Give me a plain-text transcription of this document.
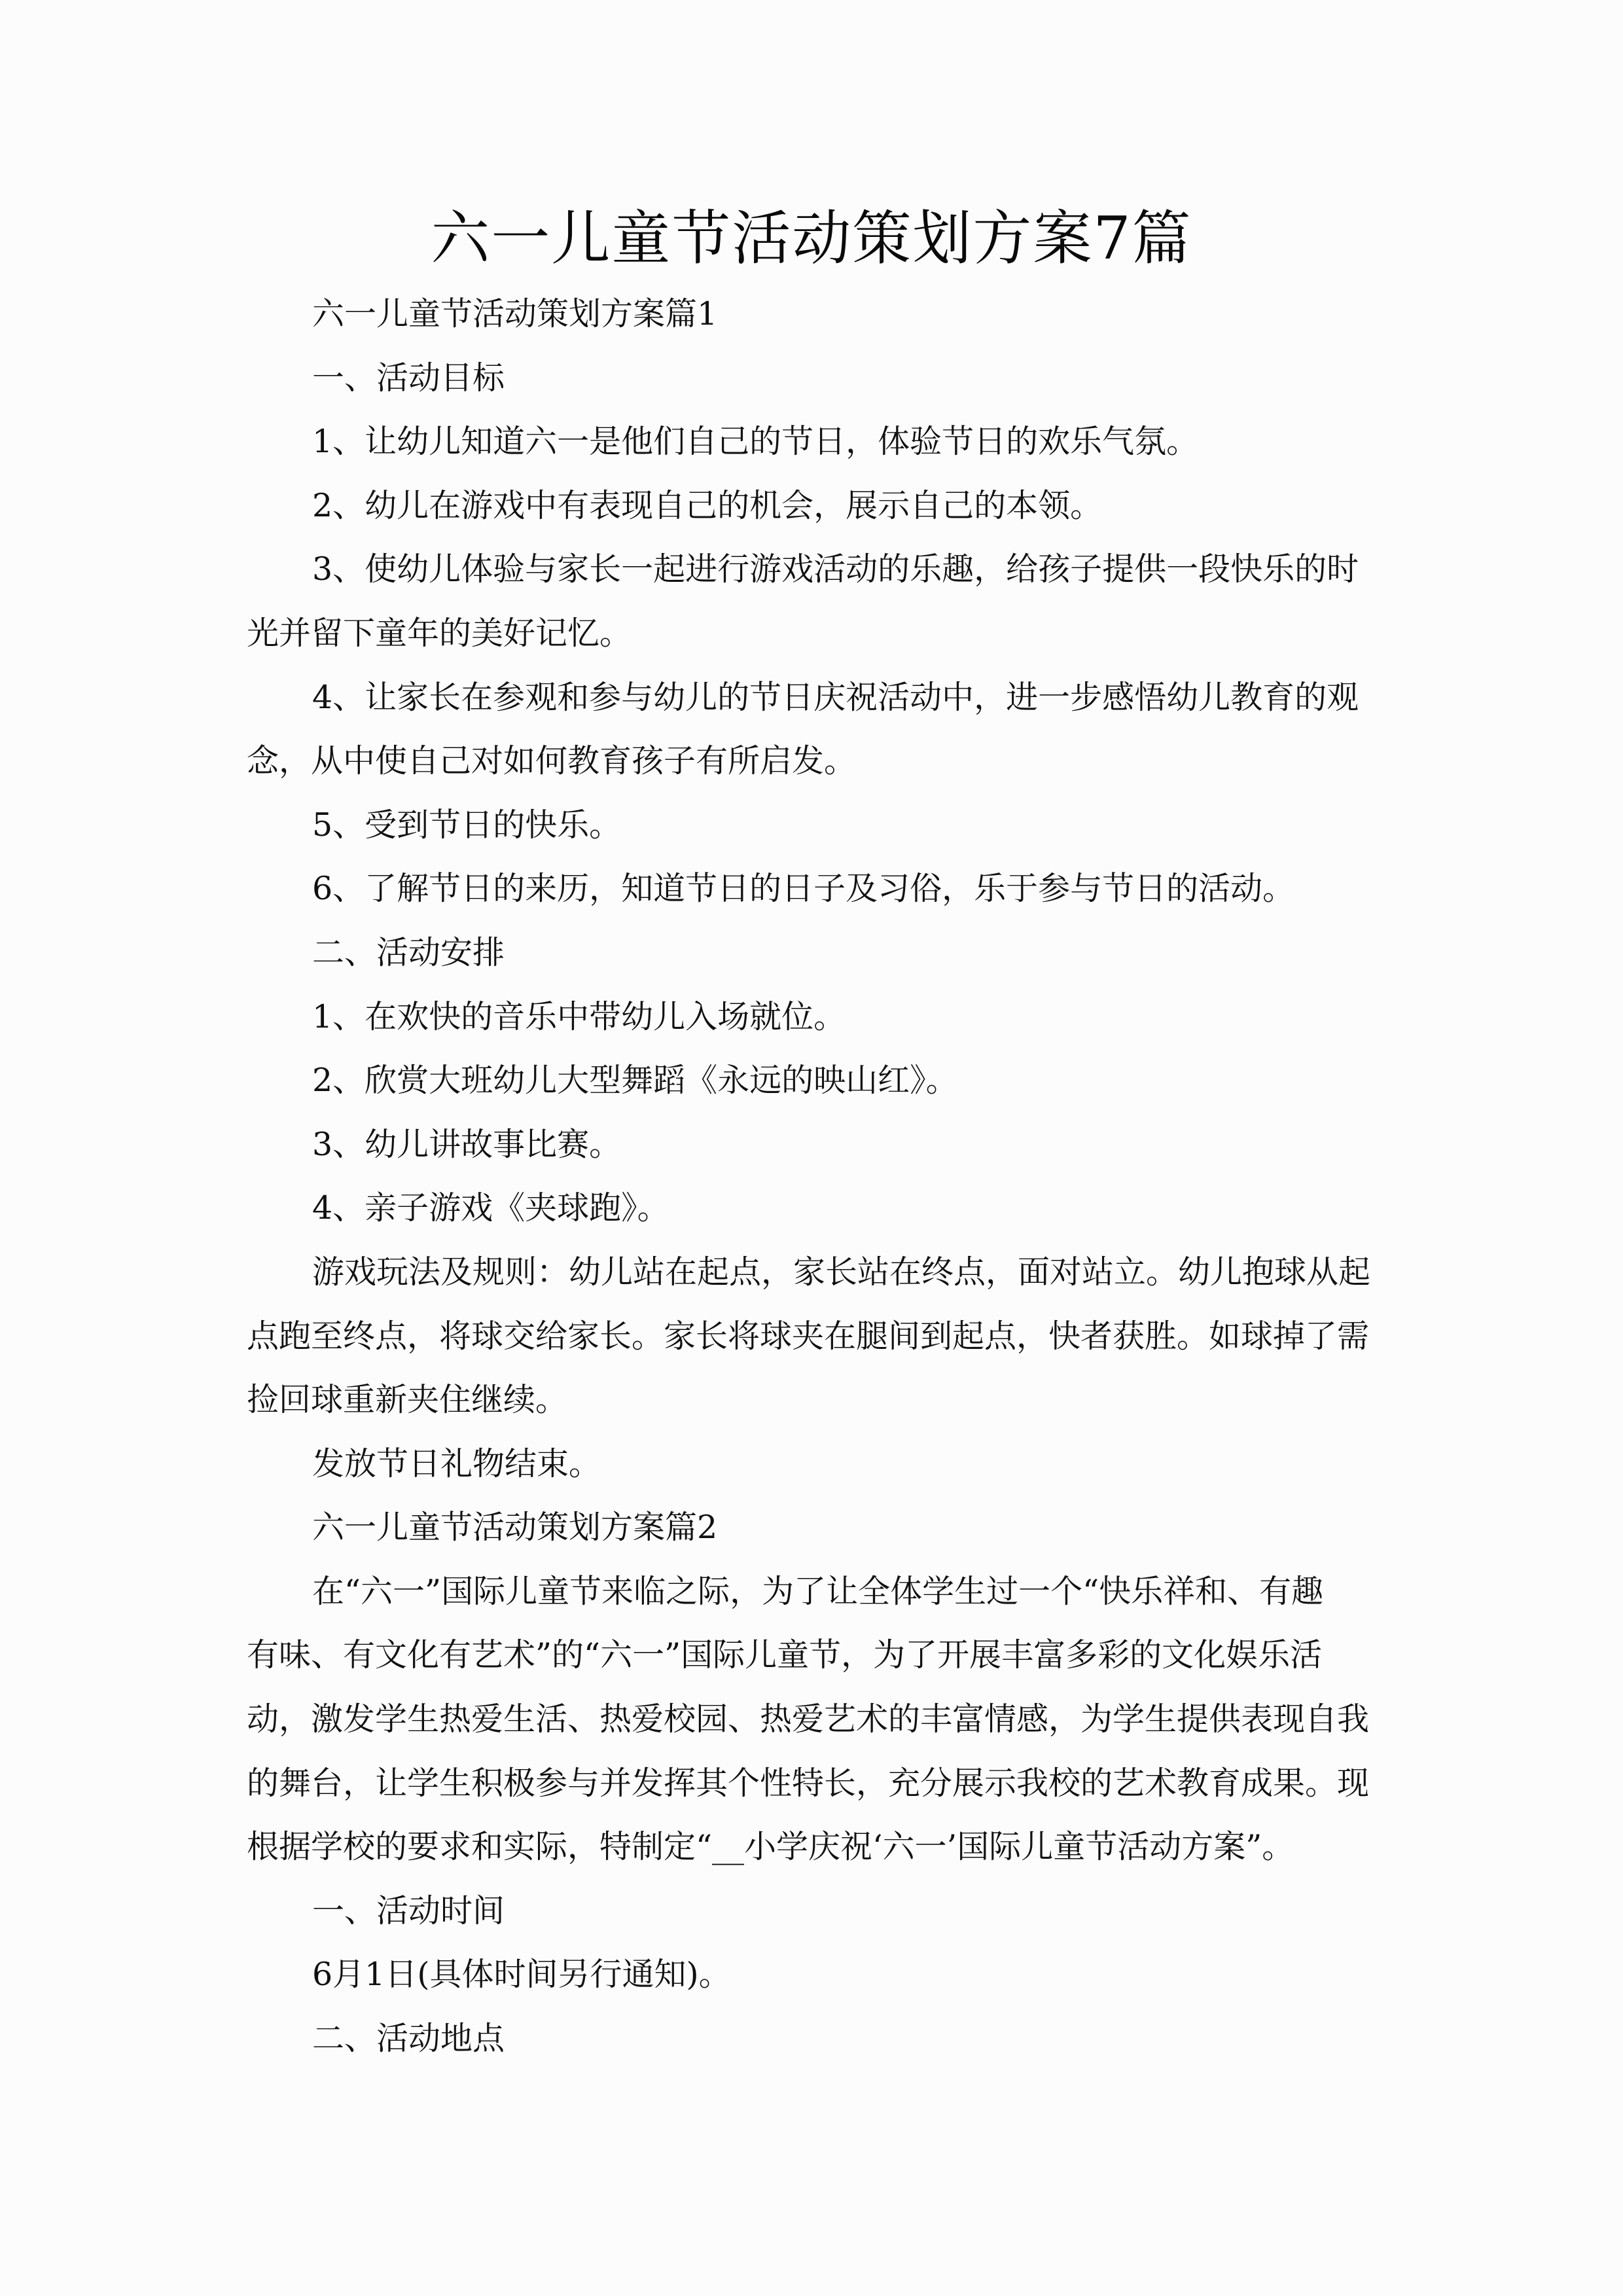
六一儿童节活动策划方案7篇
六一儿童节活动策划方案篇1
一、活动目标
1、让幼儿知道六一是他们自己的节日，体验节日的欢乐气氛。
2、幼儿在游戏中有表现自己的机会，展示自己的本领。
3、使幼儿体验与家长一起进行游戏活动的乐趣，给孩子提供一段快乐的时
光并留下童年的美好记忆。
4、让家长在参观和参与幼儿的节日庆祝活动中，进一步感悟幼儿教育的观
念，从中使自己对如何教育孩子有所启发。
5、受到节日的快乐。
6、了解节日的来历，知道节日的日子及习俗，乐于参与节日的活动。
二、活动安排
1、在欢快的音乐中带幼儿入场就位。
2、欣赏大班幼儿大型舞蹈《永远的映山红》。
3、幼儿讲故事比赛。
4、亲子游戏《夹球跑》。
游戏玩法及规则：幼儿站在起点，家长站在终点，面对站立。幼儿抱球从起
点跑至终点，将球交给家长。家长将球夹在腿间到起点，快者获胜。如球掉了需
捡回球重新夹住继续。
发放节日礼物结束。
六一儿童节活动策划方案篇2
在“六一”国际儿童节来临之际，为了让全体学生过一个“快乐祥和、有趣
有味、有文化有艺术”的“六一”国际儿童节，为了开展丰富多彩的文化娱乐活
动，激发学生热爱生活、热爱校园、热爱艺术的丰富情感，为学生提供表现自我
的舞台，让学生积极参与并发挥其个性特长，充分展示我校的艺术教育成果。现
根据学校的要求和实际，特制定“__小学庆祝‘六一’国际儿童节活动方案”。
一、活动时间
6月1日(具体时间另行通知)。
二、活动地点
